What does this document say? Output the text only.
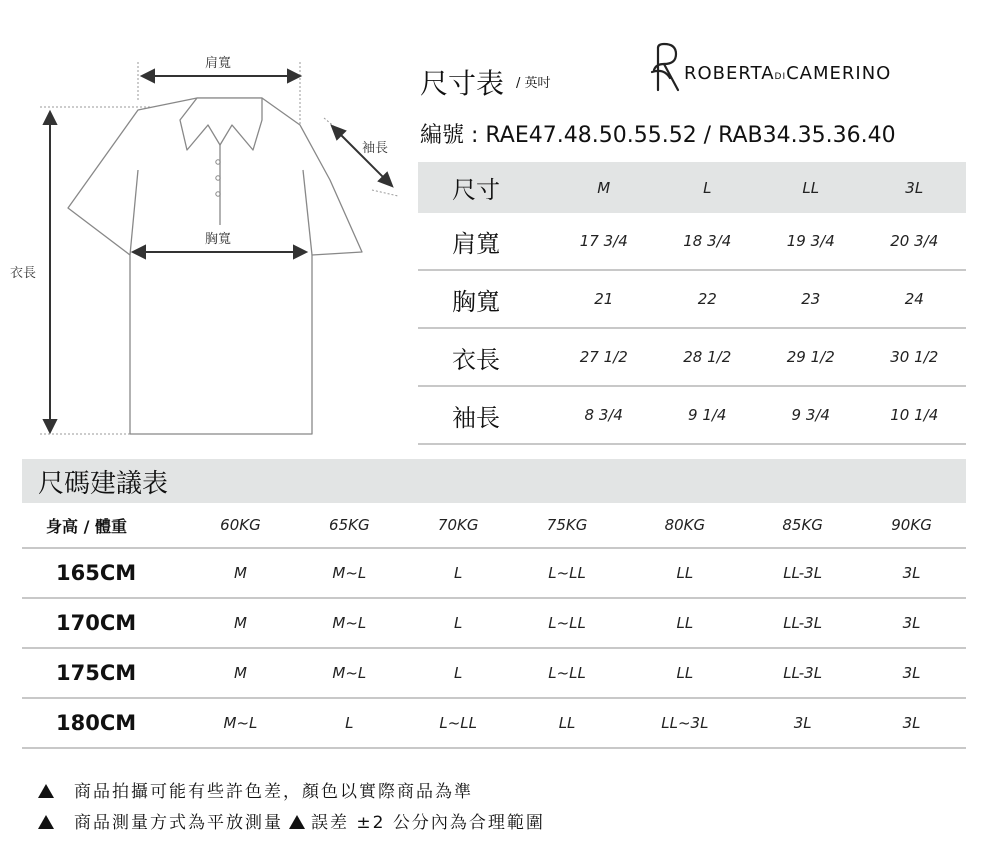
肩寬
袖長
胸寬
衣長
尺寸表 / 英吋	ROBERTADICAMERINO
編號 : RAE47.48.50.55.52 / RAB34.35.36.40
尺寸	M	L	LL	3L
肩寬	17 3/4	18 3/4	19 3/4	20 3/4
胸寬	21	22	23	24
衣長	27 1/2	28 1/2	29 1/2	30 1/2
袖長	8 3/4	9 1/4	9 3/4	10 1/4
尺碼建議表
身高 / 體重	60KG	65KG	70KG	75KG	80KG	85KG	90KG
165CM	M	M~L	L	L~LL	LL	LL-3L	3L
170CM	M	M~L	L	L~LL	LL	LL-3L	3L
175CM	M	M~L	L	L~LL	LL	LL-3L	3L
180CM	M~L	L	L~LL	LL	LL~3L	3L	3L
商品拍攝可能有些許色差，顏色以實際商品為準
商品測量方式為平放測量 誤差 ±2 公分內為合理範圍
